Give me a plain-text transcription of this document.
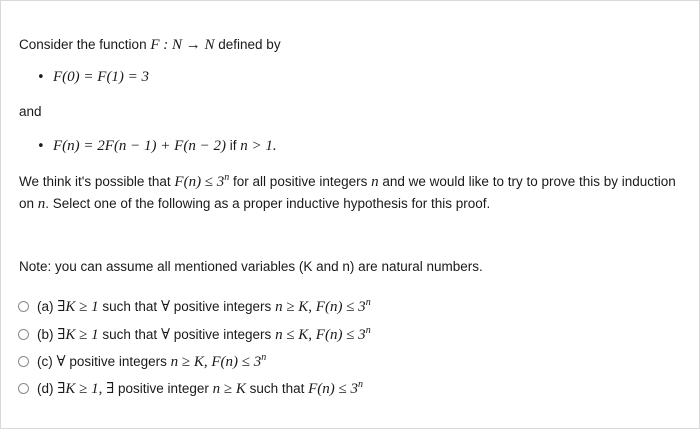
Consider the function F : N → N defined by
• F(0) = F(1) = 3
and
• F(n) = 2F(n − 1) + F(n − 2) if n > 1.
We think it's possible that $F(n) \le 3^n$ for all positive integers n and we would like to try to prove this by induction on n. Select one of the following as a proper inductive hypothesis for this proof.
Note: you can assume all mentioned variables (K and n) are natural numbers.
(a) ∃K ≥ 1 such that ∀ positive integers n ≥ K, $F(n) \le 3^n$
(b) ∃K ≥ 1 such that ∀ positive integers n ≤ K, $F(n) \le 3^n$
(c) ∀ positive integers n ≥ K, $F(n) \le 3^n$
(d) ∃K ≥ 1, ∃ positive integer n ≥ K such that $F(n) \le 3^n$
